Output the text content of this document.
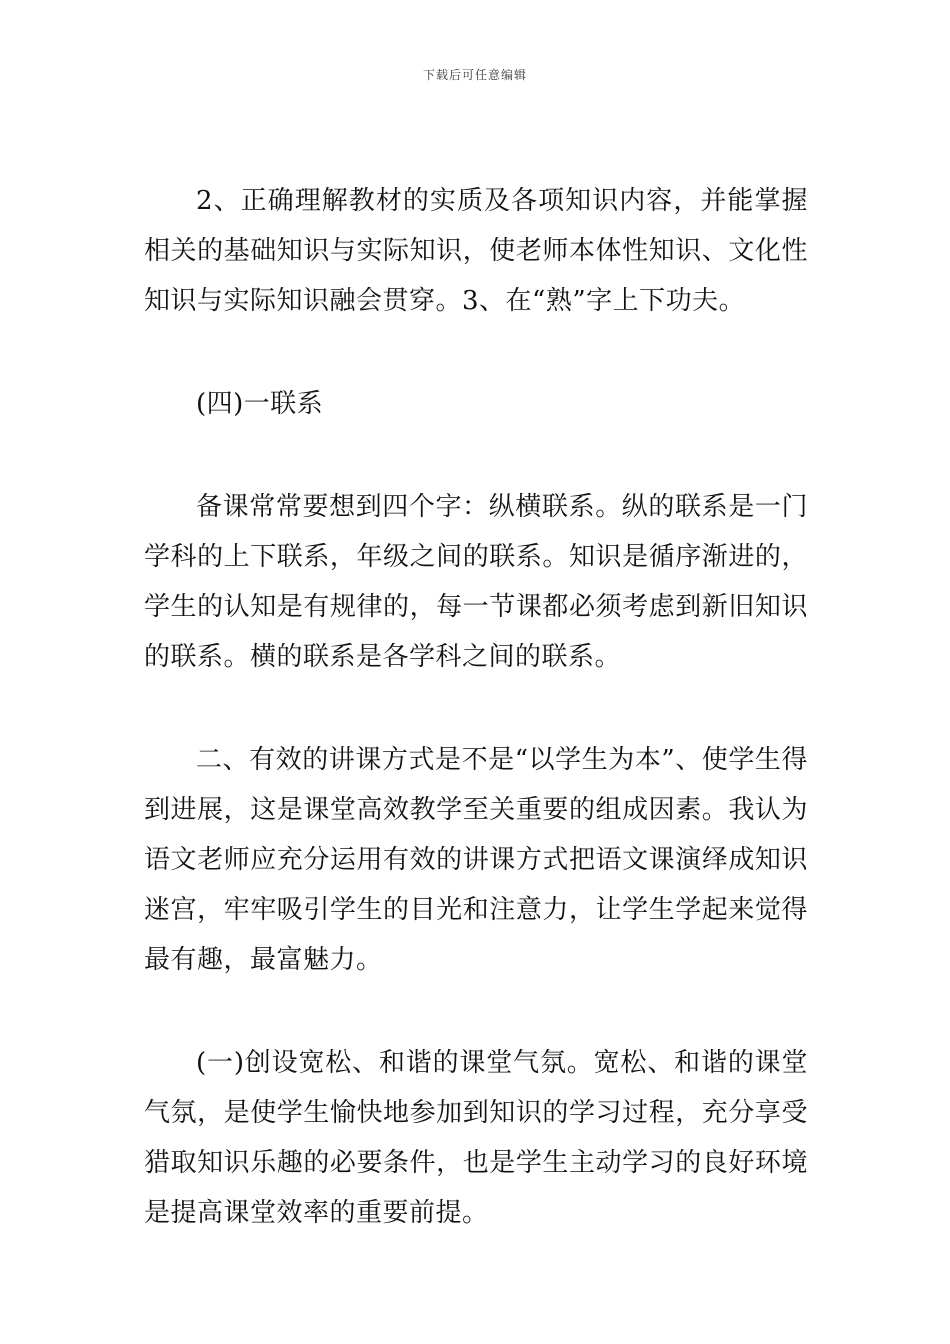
下载后可任意编辑

2、正确理解教材的实质及各项知识内容，并能掌握相关的基础知识与实际知识，使老师本体性知识、文化性知识与实际知识融会贯穿。3、在“熟”字上下功夫。

(四)一联系

备课常常要想到四个字：纵横联系。纵的联系是一门学科的上下联系，年级之间的联系。知识是循序渐进的，学生的认知是有规律的，每一节课都必须考虑到新旧知识的联系。横的联系是各学科之间的联系。

二、有效的讲课方式是不是“以学生为本”、使学生得到进展，这是课堂高效教学至关重要的组成因素。我认为语文老师应充分运用有效的讲课方式把语文课演绎成知识迷宫，牢牢吸引学生的目光和注意力，让学生学起来觉得最有趣，最富魅力。

(一)创设宽松、和谐的课堂气氛。宽松、和谐的课堂气氛，是使学生愉快地参加到知识的学习过程，充分享受猎取知识乐趣的必要条件，也是学生主动学习的良好环境是提高课堂效率的重要前提。
